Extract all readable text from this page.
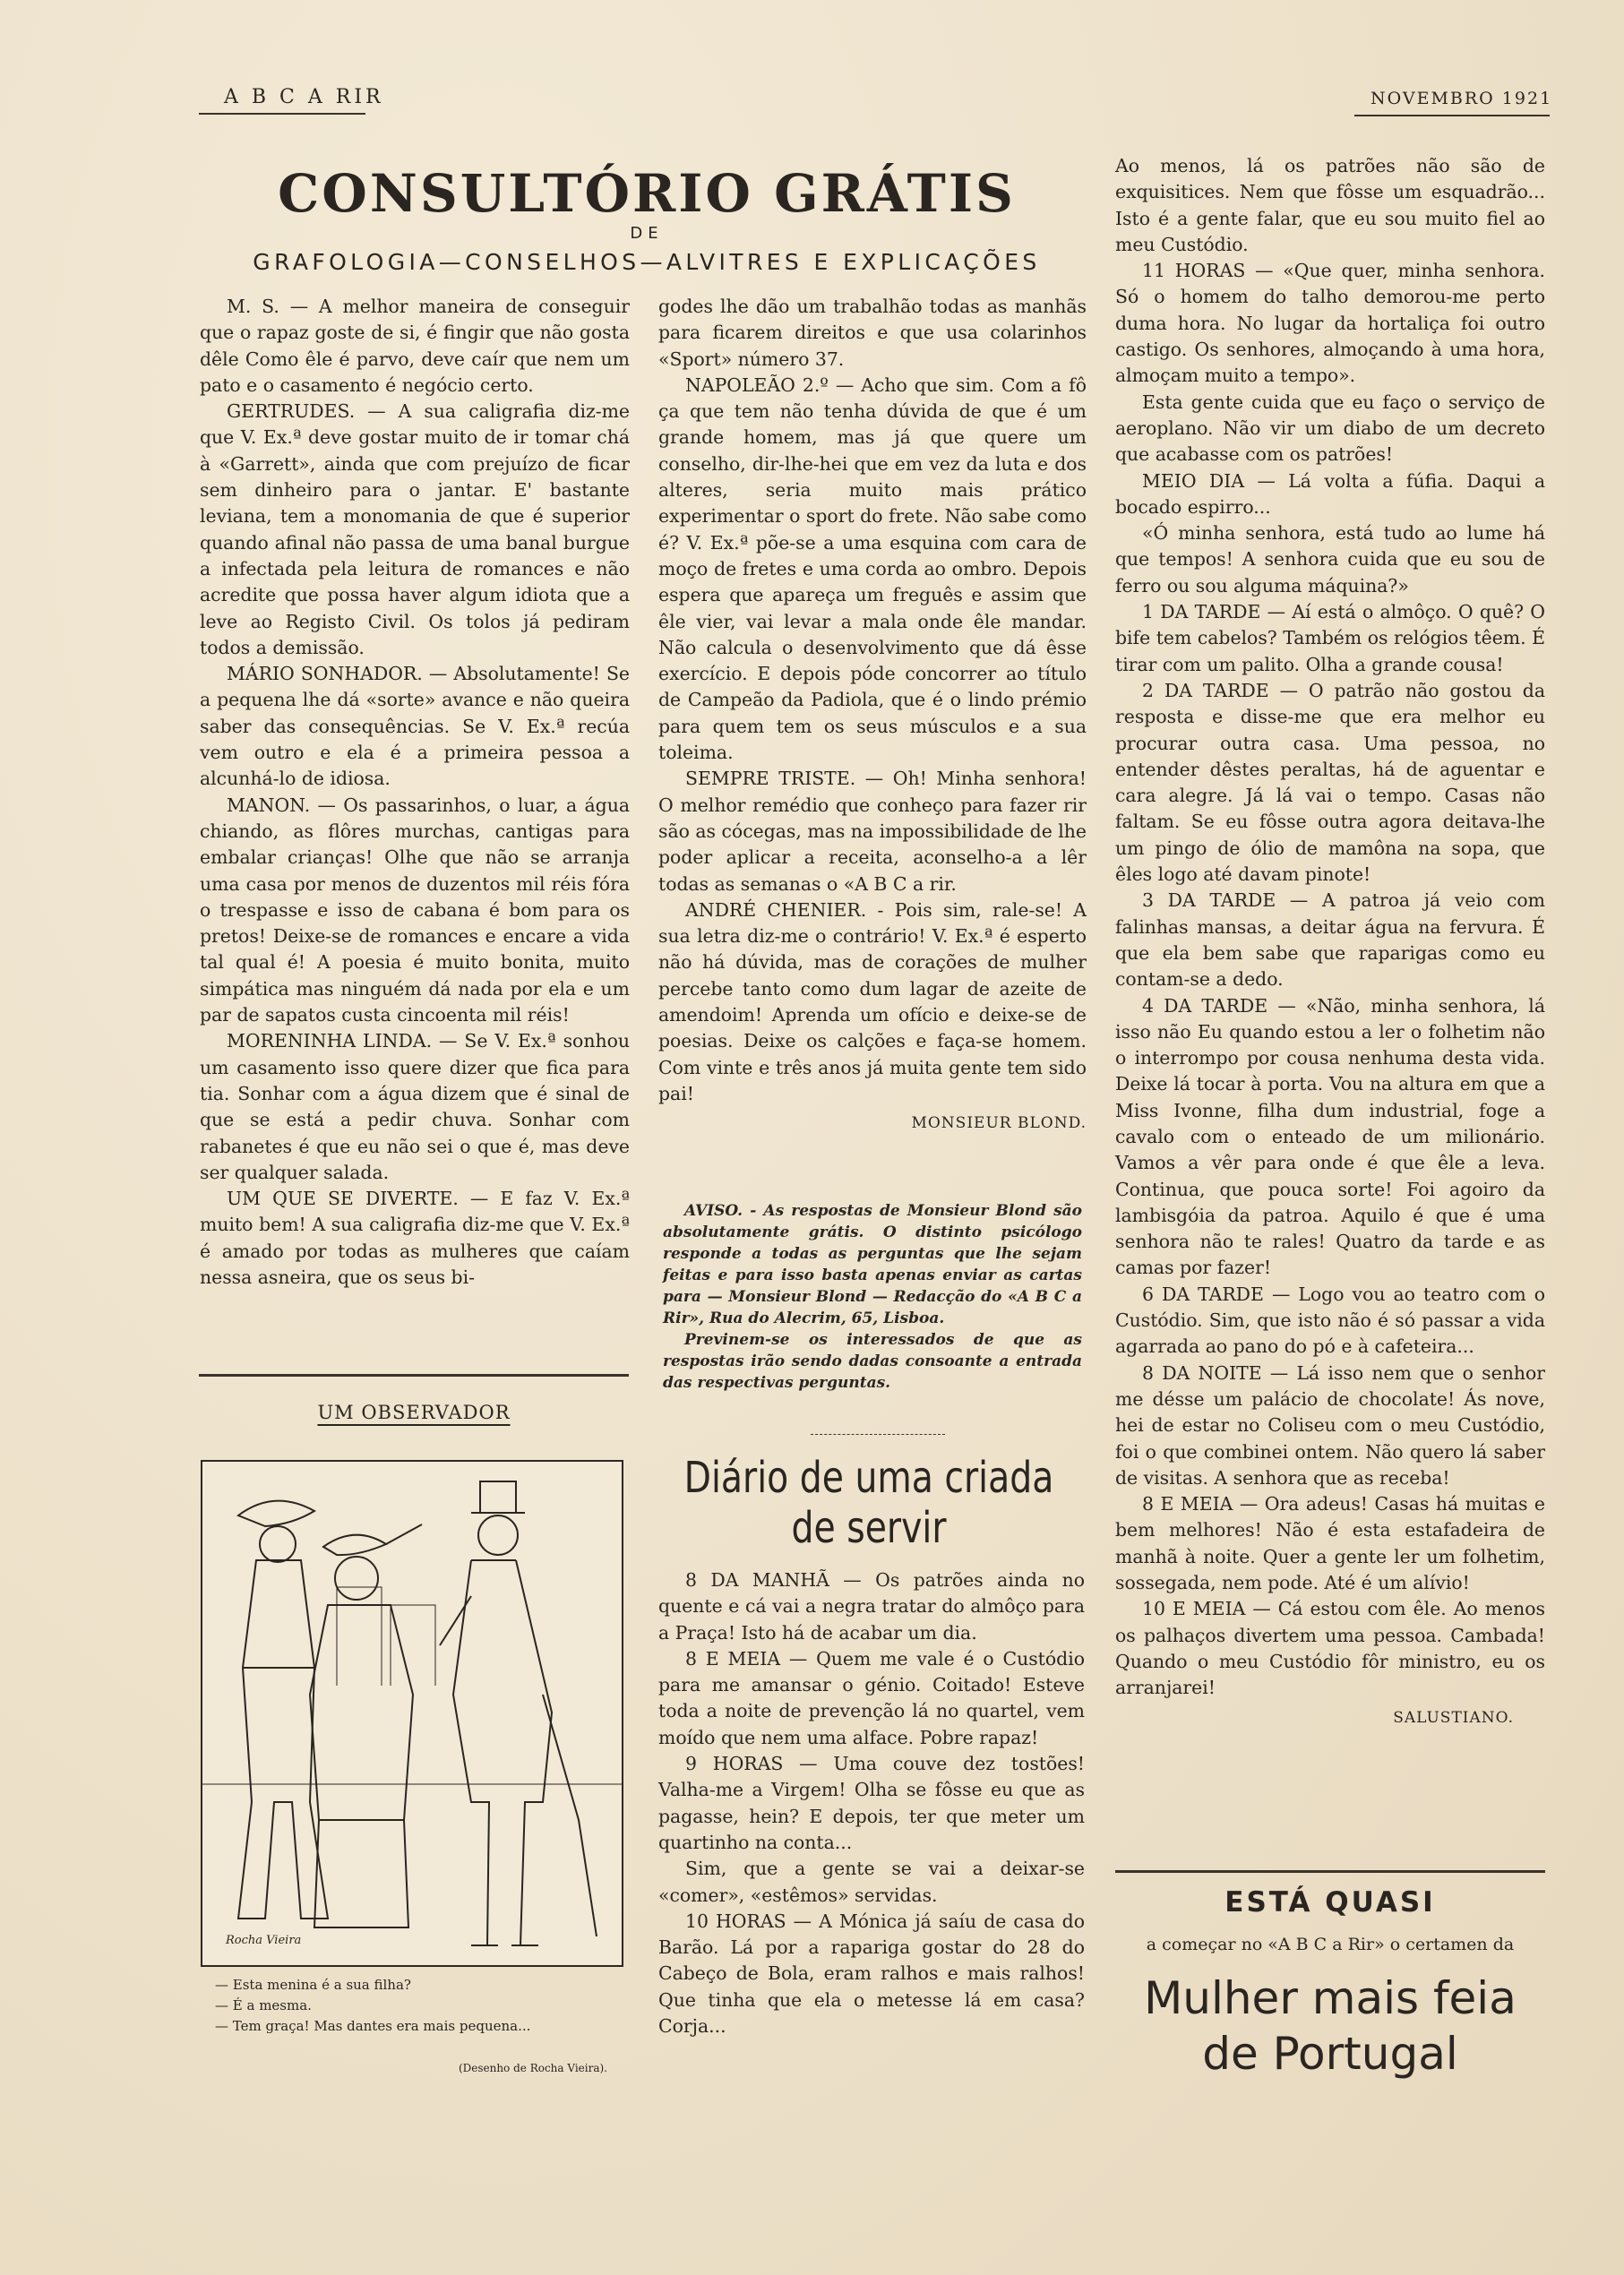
A B C A RIR	NOVEMBRO 1921
CONSULTÓRIO GRÁTIS
DE
GRAFOLOGIA—CONSELHOS—ALVITRES E EXPLICAÇÕES

M. S. — A melhor maneira de conseguir que o rapaz goste de si, é fingir que não gosta dêle Como êle é parvo, deve caír que nem um pato e o casamento é negócio certo.

GERTRUDES. — A sua caligrafia diz-me que V. Ex.ª deve gostar muito de ir tomar chá à «Garrett», ainda que com prejuízo de ficar sem dinheiro para o jantar. E' bastante leviana, tem a monomania de que é superior quando afinal não passa de uma banal burgue a infectada pela leitura de romances e não acredite que possa haver algum idiota que a leve ao Registo Civil. Os tolos já pediram todos a demissão.

MÁRIO SONHADOR. — Absolutamente! Se a pequena lhe dá «sorte» avance e não queira saber das consequências. Se V. Ex.ª recúa vem outro e ela é a primeira pessoa a alcunhá-lo de idiosa.

MANON. — Os passarinhos, o luar, a água chiando, as flôres murchas, cantigas para embalar crianças! Olhe que não se arranja uma casa por menos de duzentos mil réis fóra o trespasse e isso de cabana é bom para os pretos! Deixe-se de romances e encare a vida tal qual é! A poesia é muito bonita, muito simpática mas ninguém dá nada por ela e um par de sapatos custa cincoenta mil réis!

MORENINHA LINDA. — Se V. Ex.ª sonhou um casamento isso quere dizer que fica para tia. Sonhar com a água dizem que é sinal de que se está a pedir chuva. Sonhar com rabanetes é que eu não sei o que é, mas deve ser qualquer salada.

UM QUE SE DIVERTE. — E faz V. Ex.ª muito bem! A sua caligrafia diz-me que V. Ex.ª é amado por todas as mulheres que caíam nessa asneira, que os seus bi-

godes lhe dão um trabalhão todas as manhãs para ficarem direitos e que usa colarinhos «Sport» número 37.

NAPOLEÃO 2.º — Acho que sim. Com a fô ça que tem não tenha dúvida de que é um grande homem, mas já que quere um conselho, dir-lhe-hei que em vez da luta e dos alteres, seria muito mais prático experimentar o sport do frete. Não sabe como é? V. Ex.ª põe-se a uma esquina com cara de moço de fretes e uma corda ao ombro. Depois espera que apareça um freguês e assim que êle vier, vai levar a mala onde êle mandar. Não calcula o desenvolvimento que dá êsse exercício. E depois póde concorrer ao título de Campeão da Padiola, que é o lindo prémio para quem tem os seus músculos e a sua toleima.

SEMPRE TRISTE. — Oh! Minha senhora! O melhor remédio que conheço para fazer rir são as cócegas, mas na impossibilidade de lhe poder aplicar a receita, aconselho-a a lêr todas as semanas o «A B C a rir.

ANDRÉ CHENIER. - Pois sim, rale-se! A sua letra diz-me o contrário! V. Ex.ª é esperto não há dúvida, mas de corações de mulher percebe tanto como dum lagar de azeite de amendoim! Aprenda um ofício e deixe-se de poesias. Deixe os calções e faça-se homem. Com vinte e três anos já muita gente tem sido pai!

MONSIEUR BLOND.

AVISO. - As respostas de Monsieur Blond são absolutamente grátis. O distinto psicólogo responde a todas as perguntas que lhe sejam feitas e para isso basta apenas enviar as cartas para — Monsieur Blond — Redacção do «A B C a Rir», Rua do Alecrim, 65, Lisboa.

Previnem-se os interessados de que as respostas irão sendo dadas consoante a entrada das respectivas perguntas.

UM OBSERVADOR
Rocha Vieira
— Esta menina é a sua filha?
— É a mesma.
— Tem graça! Mas dantes era mais pequena...
(Desenho de Rocha Vieira).
Diário de uma criada
de servir

8 DA MANHÃ — Os patrões ainda no quente e cá vai a negra tratar do almôço para a Praça! Isto há de acabar um dia.

8 E MEIA — Quem me vale é o Custódio para me amansar o génio. Coitado! Esteve toda a noite de prevenção lá no quartel, vem moído que nem uma alface. Pobre rapaz!

9 HORAS — Uma couve dez tostões! Valha-me a Virgem! Olha se fôsse eu que as pagasse, hein? E depois, ter que meter um quartinho na conta...

Sim, que a gente se vai a deixar-se «comer», «estêmos» servidas.

10 HORAS — A Mónica já saíu de casa do Barão. Lá por a rapariga gostar do 28 do Cabeço de Bola, eram ralhos e mais ralhos! Que tinha que ela o metesse lá em casa? Corja...

Ao menos, lá os patrões não são de exquisitices. Nem que fôsse um esquadrão... Isto é a gente falar, que eu sou muito fiel ao meu Custódio.

11 HORAS — «Que quer, minha senhora. Só o homem do talho demorou-me perto duma hora. No lugar da hortaliça foi outro castigo. Os senhores, almoçando à uma hora, almoçam muito a tempo».

Esta gente cuida que eu faço o serviço de aeroplano. Não vir um diabo de um decreto que acabasse com os patrões!

MEIO DIA — Lá volta a fúfia. Daqui a bocado espirro...

«Ó minha senhora, está tudo ao lume há que tempos! A senhora cuida que eu sou de ferro ou sou alguma máquina?»

1 DA TARDE — Aí está o almôço. O quê? O bife tem cabelos? Também os relógios têem. É tirar com um palito. Olha a grande cousa!

2 DA TARDE — O patrão não gostou da resposta e disse-me que era melhor eu procurar outra casa. Uma pessoa, no entender dêstes peraltas, há de aguentar e cara alegre. Já lá vai o tempo. Casas não faltam. Se eu fôsse outra agora deitava-lhe um pingo de ólio de mamôna na sopa, que êles logo até davam pinote!

3 DA TARDE — A patroa já veio com falinhas mansas, a deitar água na fervura. É que ela bem sabe que raparigas como eu contam-se a dedo.

4 DA TARDE — «Não, minha senhora, lá isso não Eu quando estou a ler o folhetim não o interrompo por cousa nenhuma desta vida. Deixe lá tocar à porta. Vou na altura em que a Miss Ivonne, filha dum industrial, foge a cavalo com o enteado de um milionário. Vamos a vêr para onde é que êle a leva. Continua, que pouca sorte! Foi agoiro da lambisgóia da patroa. Aquilo é que é uma senhora não te rales! Quatro da tarde e as camas por fazer!

6 DA TARDE — Logo vou ao teatro com o Custódio. Sim, que isto não é só passar a vida agarrada ao pano do pó e à cafeteira...

8 DA NOITE — Lá isso nem que o senhor me désse um palácio de chocolate! Ás nove, hei de estar no Coliseu com o meu Custódio, foi o que combinei ontem. Não quero lá saber de visitas. A senhora que as receba!

8 E MEIA — Ora adeus! Casas há muitas e bem melhores! Não é esta estafadeira de manhã à noite. Quer a gente ler um folhetim, sossegada, nem pode. Até é um alívio!

10 E MEIA — Cá estou com êle. Ao menos os palhaços divertem uma pessoa. Cambada! Quando o meu Custódio fôr ministro, eu os arranjarei!

SALUSTIANO.
ESTÁ QUASI
a começar no «A B C a Rir» o certamen da
Mulher mais feia
de Portugal
